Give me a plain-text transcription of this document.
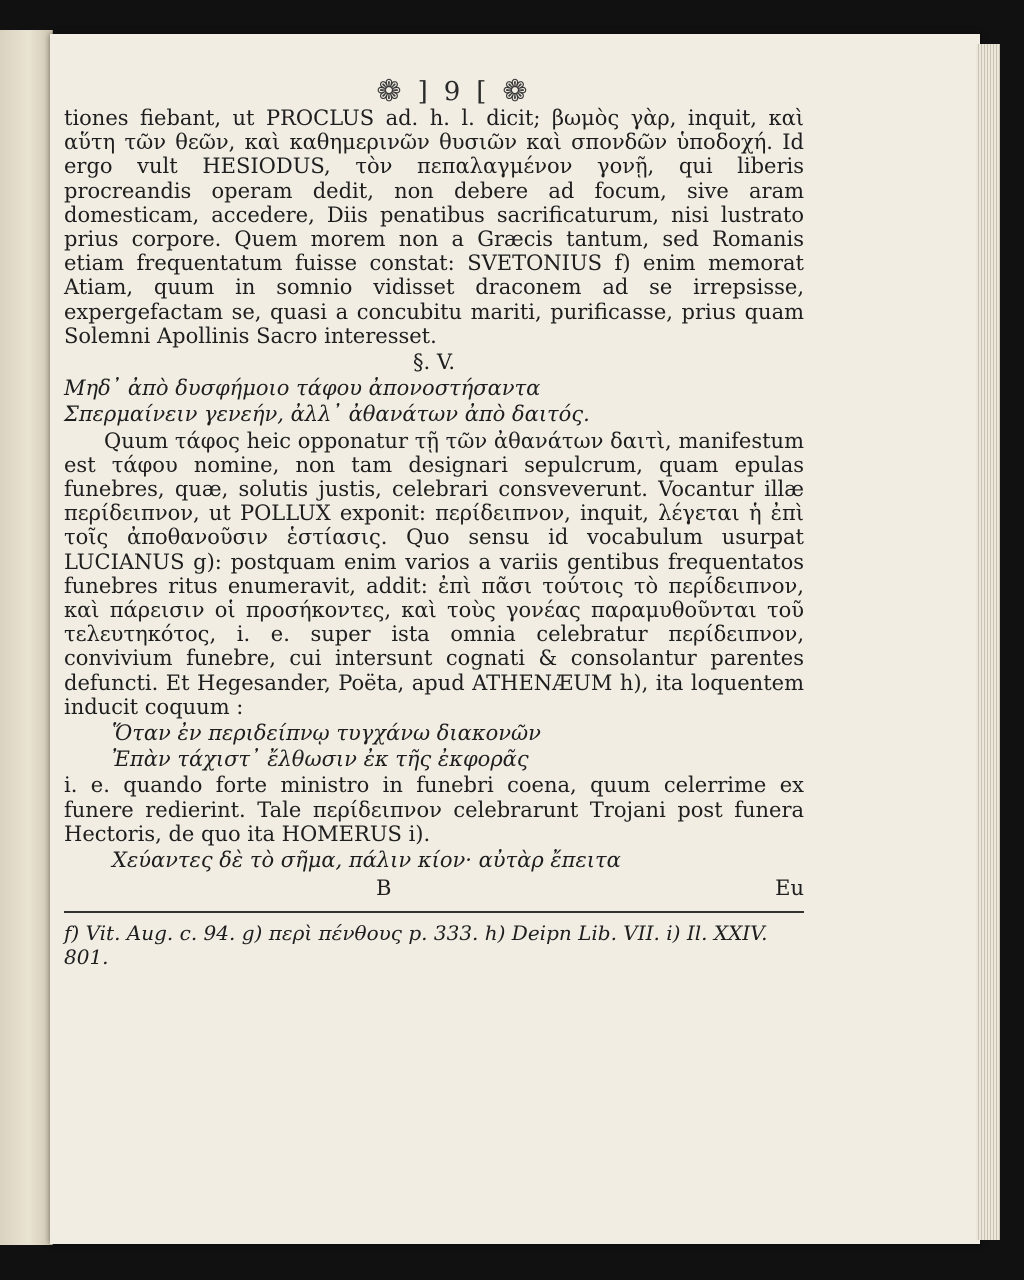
❁ ] 9 [ ❁

tiones fiebant, ut PROCLUS ad. h. l. dicit; βωμὸς γὰρ, inquit, καὶ αὕτη τῶν θεῶν, καὶ καθημερινῶν θυσιῶν καὶ σπονδῶν ὑποδοχή. Id ergo vult HESIODUS, τὸν πεπαλαγμένον γονῇ, qui liberis procreandis operam dedit, non debere ad focum, sive aram domesticam, accedere, Diis penatibus sacrificaturum, nisi lustrato prius corpore. Quem morem non a Græcis tantum, sed Romanis etiam frequentatum fuisse constat: SVETONIUS f) enim memorat Atiam, quum in somnio vidisset draconem ad se irrepsisse, expergefactam se, quasi a concubitu mariti, purificasse, prius quam Solemni Apollinis Sacro interesset.

§. V.
Μηδ᾽ ἀπὸ δυσφήμοιο τάφου ἀπονοστήσαντα
Σπερμαίνειν γενεήν, ἀλλ᾽ ἀθανάτων ἀπὸ δαιτός.

Quum τάφος heic opponatur τῇ τῶν ἀθανάτων δαιτὶ, manifestum est τάφου nomine, non tam designari sepulcrum, quam epulas funebres, quæ, solutis justis, celebrari consveverunt. Vocantur illæ περίδειπνον, ut POLLUX exponit: περίδειπνον, inquit, λέγεται ἡ ἐπὶ τοῖς ἀποθανοῦσιν ἑστίασις. Quo sensu id vocabulum usurpat LUCIANUS g): postquam enim varios a variis gentibus frequentatos funebres ritus enumeravit, addit: ἐπὶ πᾶσι τούτοις τὸ περίδειπνον, καὶ πάρεισιν οἱ προσήκοντες, καὶ τοὺς γονέας παραμυθοῦνται τοῦ τελευτηκότος, i. e. super ista omnia celebratur περίδειπνον, convivium funebre, cui intersunt cognati & consolantur parentes defuncti. Et Hegesander, Poëta, apud ATHENÆUM h), ita loquentem inducit coquum :

Ὅταν ἐν περιδείπνῳ τυγχάνω διακονῶν
Ἐπὰν τάχιστ᾽ ἔλθωσιν ἐκ τῆς ἐκφορᾶς

i. e. quando forte ministro in funebri coena, quum celerrime ex funere redierint. Tale περίδειπνον celebrarunt Trojani post funera Hectoris, de quo ita HOMERUS i).

Χεύαντες δὲ τὸ σῆμα, πάλιν κίον· αὐτὰρ ἔπειτα
B	Eu
f) Vit. Aug. c. 94. g) περὶ πένθους p. 333. h) Deipn Lib. VII. i) Il. XXIV. 801.
